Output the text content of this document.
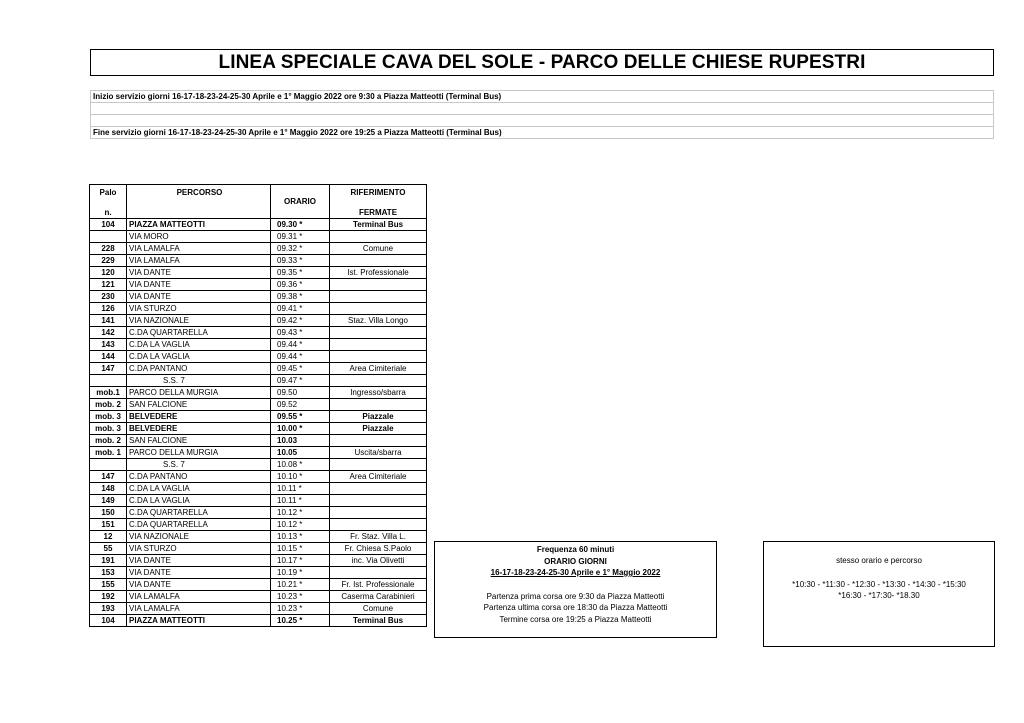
LINEA SPECIALE CAVA DEL SOLE - PARCO DELLE CHIESE RUPESTRI
Inizio servizio giorni 16-17-18-23-24-25-30 Aprile e 1° Maggio 2022 ore 9:30 a Piazza Matteotti (Terminal Bus)

Fine servizio giorni 16-17-18-23-24-25-30 Aprile e 1° Maggio 2022 ore 19:25 a Piazza Matteotti (Terminal Bus)
Palo	PERCORSO	ORARIO	RIFERIMENTO
n.			FERMATE
104	PIAZZA MATTEOTTI	09.30 *	Terminal Bus
	VIA MORO	09.31 *	
228	VIA LAMALFA	09.32 *	Comune
229	VIA LAMALFA	09.33 *	
120	VIA DANTE	09.35 *	Ist. Professionale
121	VIA DANTE	09.36 *	
230	VIA DANTE	09.38 *	
126	VIA STURZO	09.41 *	
141	VIA NAZIONALE	09.42 *	Staz. Villa Longo
142	C.DA QUARTARELLA	09.43 *	
143	C.DA LA VAGLIA	09.44 *	
144	C.DA LA VAGLIA	09.44 *	
147	C.DA PANTANO	09.45 *	Area Cimiteriale
	S.S. 7	09.47 *	
mob.1	PARCO DELLA MURGIA	09.50	Ingresso/sbarra
mob. 2	SAN FALCIONE	09.52	
mob. 3	BELVEDERE	09.55 *	Piazzale
mob. 3	BELVEDERE	10.00 *	Piazzale
mob. 2	SAN FALCIONE	10.03	
mob. 1	PARCO DELLA MURGIA	10.05	Uscita/sbarra
	S.S. 7	10.08 *	
147	C.DA PANTANO	10.10 *	Area Cimiteriale
148	C.DA LA VAGLIA	10.11 *	
149	C.DA LA VAGLIA	10.11 *	
150	C.DA QUARTARELLA	10.12 *	
151	C.DA QUARTARELLA	10.12 *	
12	VIA NAZIONALE	10.13 *	Fr. Staz. Villa L.
55	VIA STURZO	10.15 *	Fr. Chiesa S.Paolo
191	VIA DANTE	10.17 *	inc. Via Olivetti
153	VIA DANTE	10.19 *	
155	VIA DANTE	10.21 *	Fr. Ist. Professionale
192	VIA LAMALFA	10.23 *	Caserma Carabinieri
193	VIA LAMALFA	10.23 *	Comune
104	PIAZZA MATTEOTTI	10.25 *	Terminal Bus
Frequenza 60 minuti
ORARIO GIORNI
16-17-18-23-24-25-30 Aprile e 1° Maggio 2022
Partenza prima corsa ore 9:30 da Piazza Matteotti
Partenza ultima corsa ore 18:30 da Piazza Matteotti
Termine corsa ore 19:25 a Piazza Matteotti
stesso orario e percorso
*10:30 - *11:30 - *12:30 - *13:30 - *14:30 - *15:30
*16:30 - *17:30- *18.30
